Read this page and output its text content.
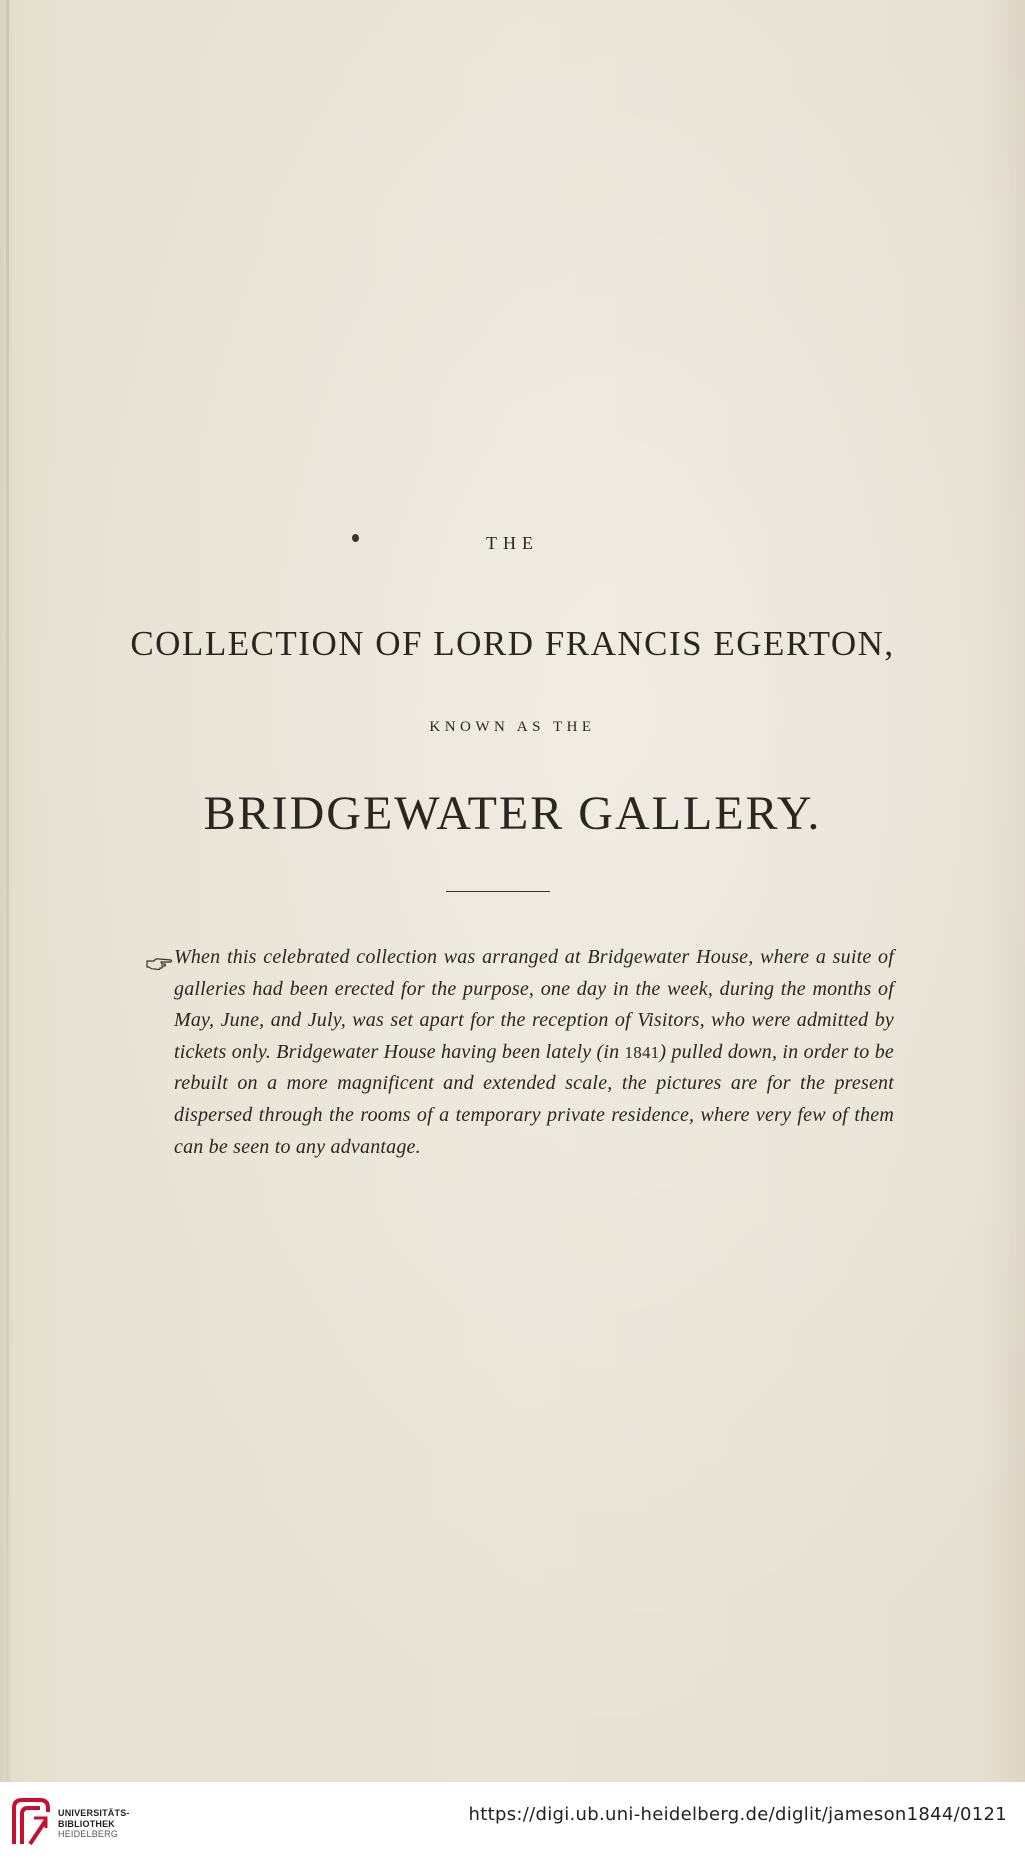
THE
COLLECTION OF LORD FRANCIS EGERTON,
KNOWN AS THE
BRIDGEWATER GALLERY.

When this celebrated collection was arranged at Bridgewater House, where a suite of galleries had been erected for the purpose, one day in the week, during the months of May, June, and July, was set apart for the reception of Visitors, who were admitted by tickets only. Bridgewater House having been lately (in 1841) pulled down, in order to be rebuilt on a more magnificent and extended scale, the pictures are for the present dispersed through the rooms of a temporary private residence, where very few of them can be seen to any advantage.

UNIVERSITÄTS-
BIBLIOTHEK
HEIDELBERG
https://digi.ub.uni-heidelberg.de/diglit/jameson1844/0121
